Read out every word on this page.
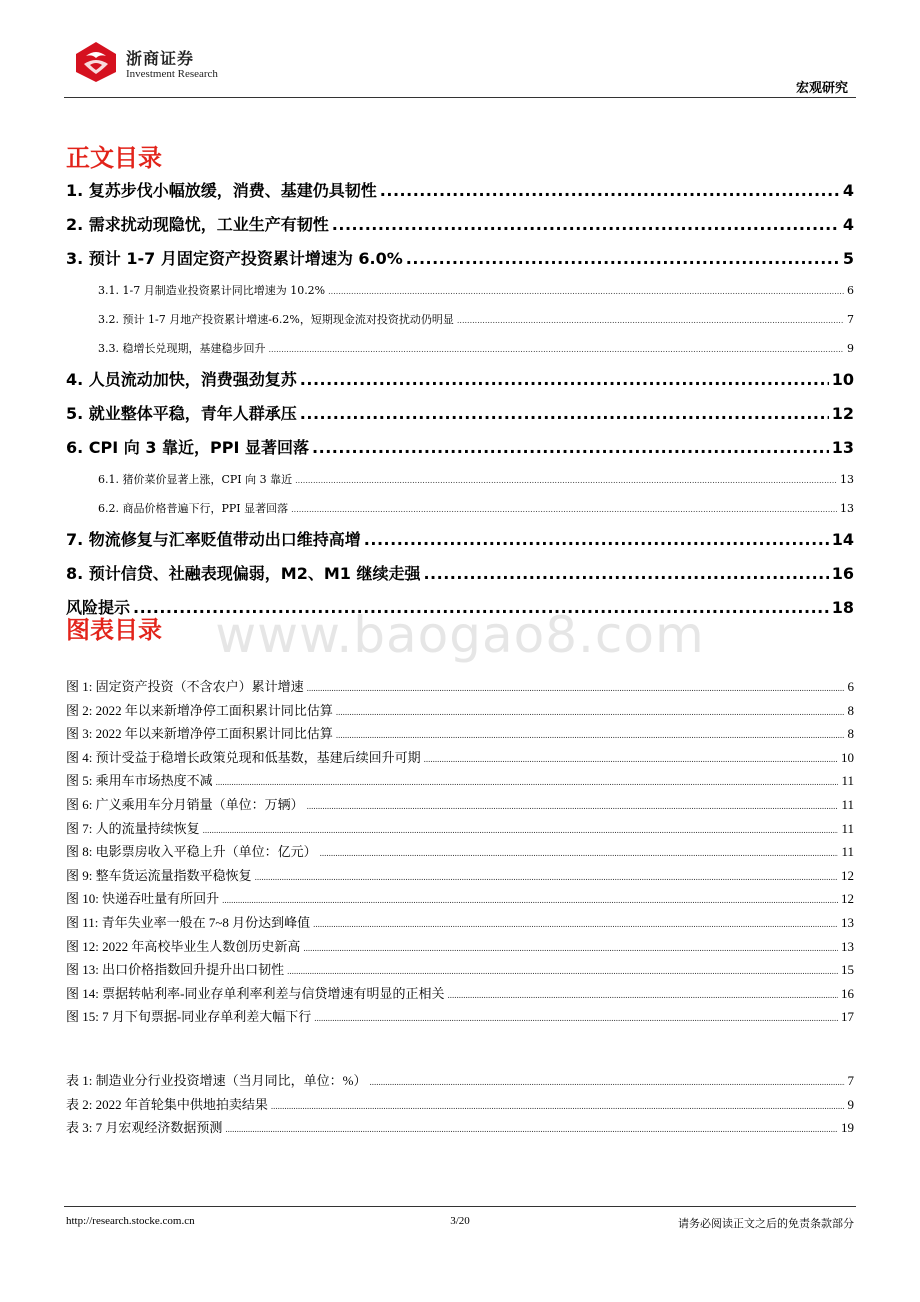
浙商证券
Investment Research
宏观研究
www.baogao8.com
正文目录
1. 复苏步伐小幅放缓，消费、基建仍具韧性 .....	4
2. 需求扰动现隐忧，工业生产有韧性 .....	4
3. 预计 1-7 月固定资产投资累计增速为 6.0% .....	5
3.1. 1-7 月制造业投资累计同比增速为 10.2% .....	6
3.2. 预计 1-7 月地产投资累计增速-6.2%，短期现金流对投资扰动仍明显 .....	7
3.3. 稳增长兑现期，基建稳步回升 .....	9
4. 人员流动加快，消费强劲复苏 .....	10
5. 就业整体平稳，青年人群承压 .....	12
6. CPI 向 3 靠近，PPI 显著回落 .....	13
6.1. 猪价菜价显著上涨，CPI 向 3 靠近 .....	13
6.2. 商品价格普遍下行，PPI 显著回落 .....	13
7. 物流修复与汇率贬值带动出口维持高增 .....	14
8. 预计信贷、社融表现偏弱，M2、M1 继续走强 .....	16
风险提示 .....	18
图表目录
图 1: 固定资产投资（不含农户）累计增速 .....	6
图 2: 2022 年以来新增净停工面积累计同比估算 .....	8
图 3: 2022 年以来新增净停工面积累计同比估算 .....	8
图 4: 预计受益于稳增长政策兑现和低基数，基建后续回升可期 .....	10
图 5: 乘用车市场热度不减 .....	11
图 6: 广义乘用车分月销量（单位：万辆） .....	11
图 7: 人的流量持续恢复 .....	11
图 8: 电影票房收入平稳上升（单位：亿元） .....	11
图 9: 整车货运流量指数平稳恢复 .....	12
图 10: 快递吞吐量有所回升 .....	12
图 11: 青年失业率一般在 7~8 月份达到峰值 .....	13
图 12: 2022 年高校毕业生人数创历史新高 .....	13
图 13: 出口价格指数回升提升出口韧性 .....	15
图 14: 票据转帖利率-同业存单利率利差与信贷增速有明显的正相关 .....	16
图 15: 7 月下旬票据-同业存单利差大幅下行 .....	17
表 1: 制造业分行业投资增速（当月同比，单位：%） .....	7
表 2: 2022 年首轮集中供地拍卖结果 .....	9
表 3: 7 月宏观经济数据预测 .....	19
http://research.stocke.com.cn	3/20	请务必阅读正文之后的免责条款部分
